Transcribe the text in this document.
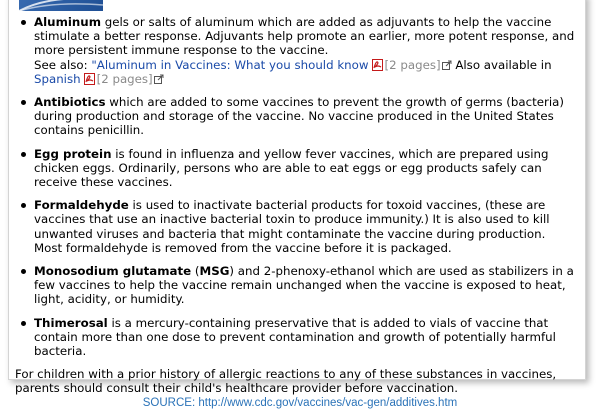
Aluminum gels or salts of aluminum which are added as adjuvants to help the vaccine stimulate a better response. Adjuvants help promote an earlier, more potent response, and more persistent immune response to the vaccine.
See also: "Aluminum in Vaccines: What you should know [2 pages] Also available in
Spanish [2 pages]
Antibiotics which are added to some vaccines to prevent the growth of germs (bacteria) during production and storage of the vaccine. No vaccine produced in the United States contains penicillin.
Egg protein is found in influenza and yellow fever vaccines, which are prepared using chicken eggs. Ordinarily, persons who are able to eat eggs or egg products safely can receive these vaccines.
Formaldehyde is used to inactivate bacterial products for toxoid vaccines, (these are vaccines that use an inactive bacterial toxin to produce immunity.) It is also used to kill unwanted viruses and bacteria that might contaminate the vaccine during production. Most formaldehyde is removed from the vaccine before it is packaged.
Monosodium glutamate (MSG) and 2-phenoxy-ethanol which are used as stabilizers in a few vaccines to help the vaccine remain unchanged when the vaccine is exposed to heat, light, acidity, or humidity.
Thimerosal is a mercury-containing preservative that is added to vials of vaccine that contain more than one dose to prevent contamination and growth of potentially harmful bacteria.

For children with a prior history of allergic reactions to any of these substances in vaccines, parents should consult their child's healthcare provider before vaccination.

SOURCE: http://www.cdc.gov/vaccines/vac-gen/additives.htm
